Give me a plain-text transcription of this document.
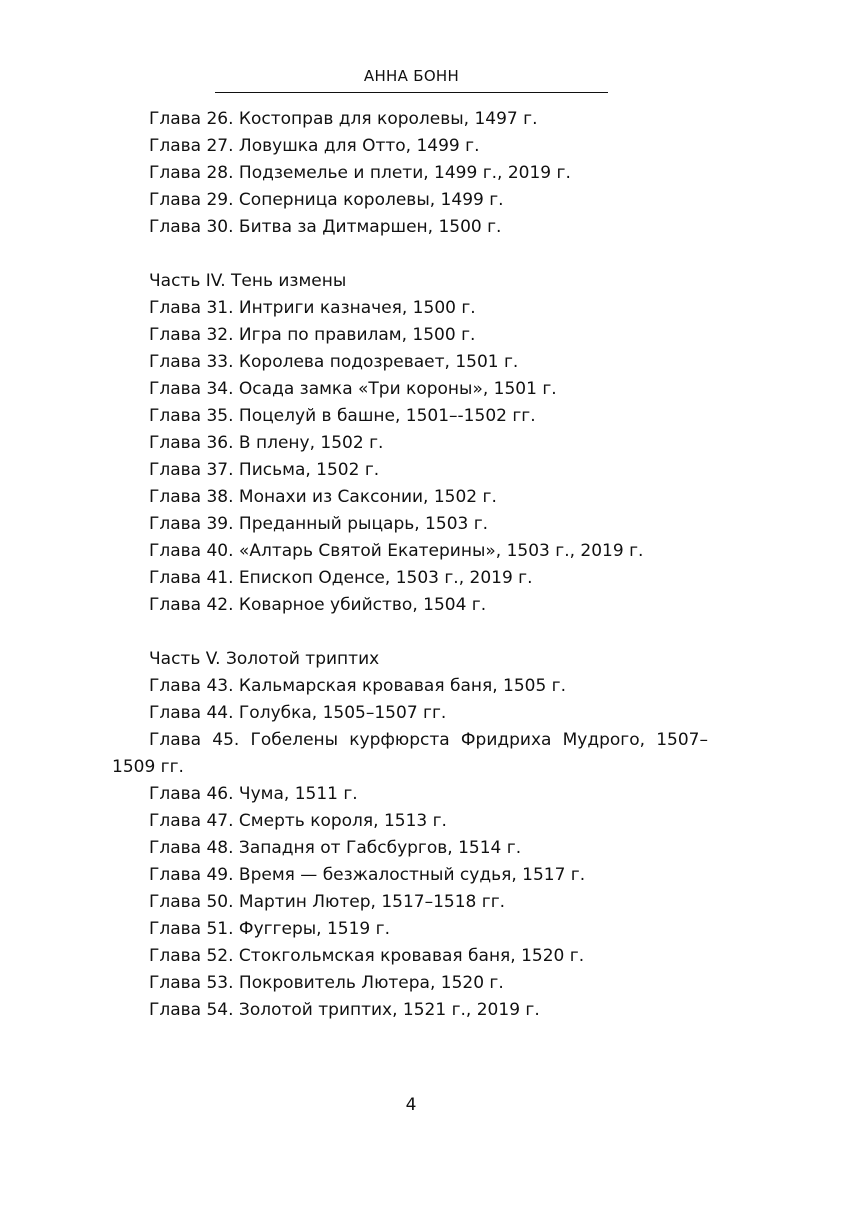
АННА БОНН
Глава 26. Костоправ для королевы, 1497 г.
Глава 27. Ловушка для Отто, 1499 г.
Глава 28. Подземелье и плети, 1499 г., 2019 г.
Глава 29. Соперница королевы, 1499 г.
Глава 30. Битва за Дитмаршен, 1500 г.
Часть IV. Тень измены
Глава 31. Интриги казначея, 1500 г.
Глава 32. Игра по правилам, 1500 г.
Глава 33. Королева подозревает, 1501 г.
Глава 34. Осада замка «Три короны», 1501 г.
Глава 35. Поцелуй в башне, 1501–-1502 гг.
Глава 36. В плену, 1502 г.
Глава 37. Письма, 1502 г.
Глава 38. Монахи из Саксонии, 1502 г.
Глава 39. Преданный рыцарь, 1503 г.
Глава 40. «Алтарь Святой Екатерины», 1503 г., 2019 г.
Глава 41. Епископ Оденсе, 1503 г., 2019 г.
Глава 42. Коварное убийство, 1504 г.
Часть V. Золотой триптих
Глава 43. Кальмарская кровавая баня, 1505 г.
Глава 44. Голубка, 1505–1507 гг.
Глава 45. Гобелены курфюрста Фридриха Мудрого, 1507–
1509 гг.
Глава 46. Чума, 1511 г.
Глава 47. Смерть короля, 1513 г.
Глава 48. Западня от Габсбургов, 1514 г.
Глава 49. Время — безжалостный судья, 1517 г.
Глава 50. Мартин Лютер, 1517–1518 гг.
Глава 51. Фуггеры, 1519 г.
Глава 52. Стокгольмская кровавая баня, 1520 г.
Глава 53. Покровитель Лютера, 1520 г.
Глава 54. Золотой триптих, 1521 г., 2019 г.
4
